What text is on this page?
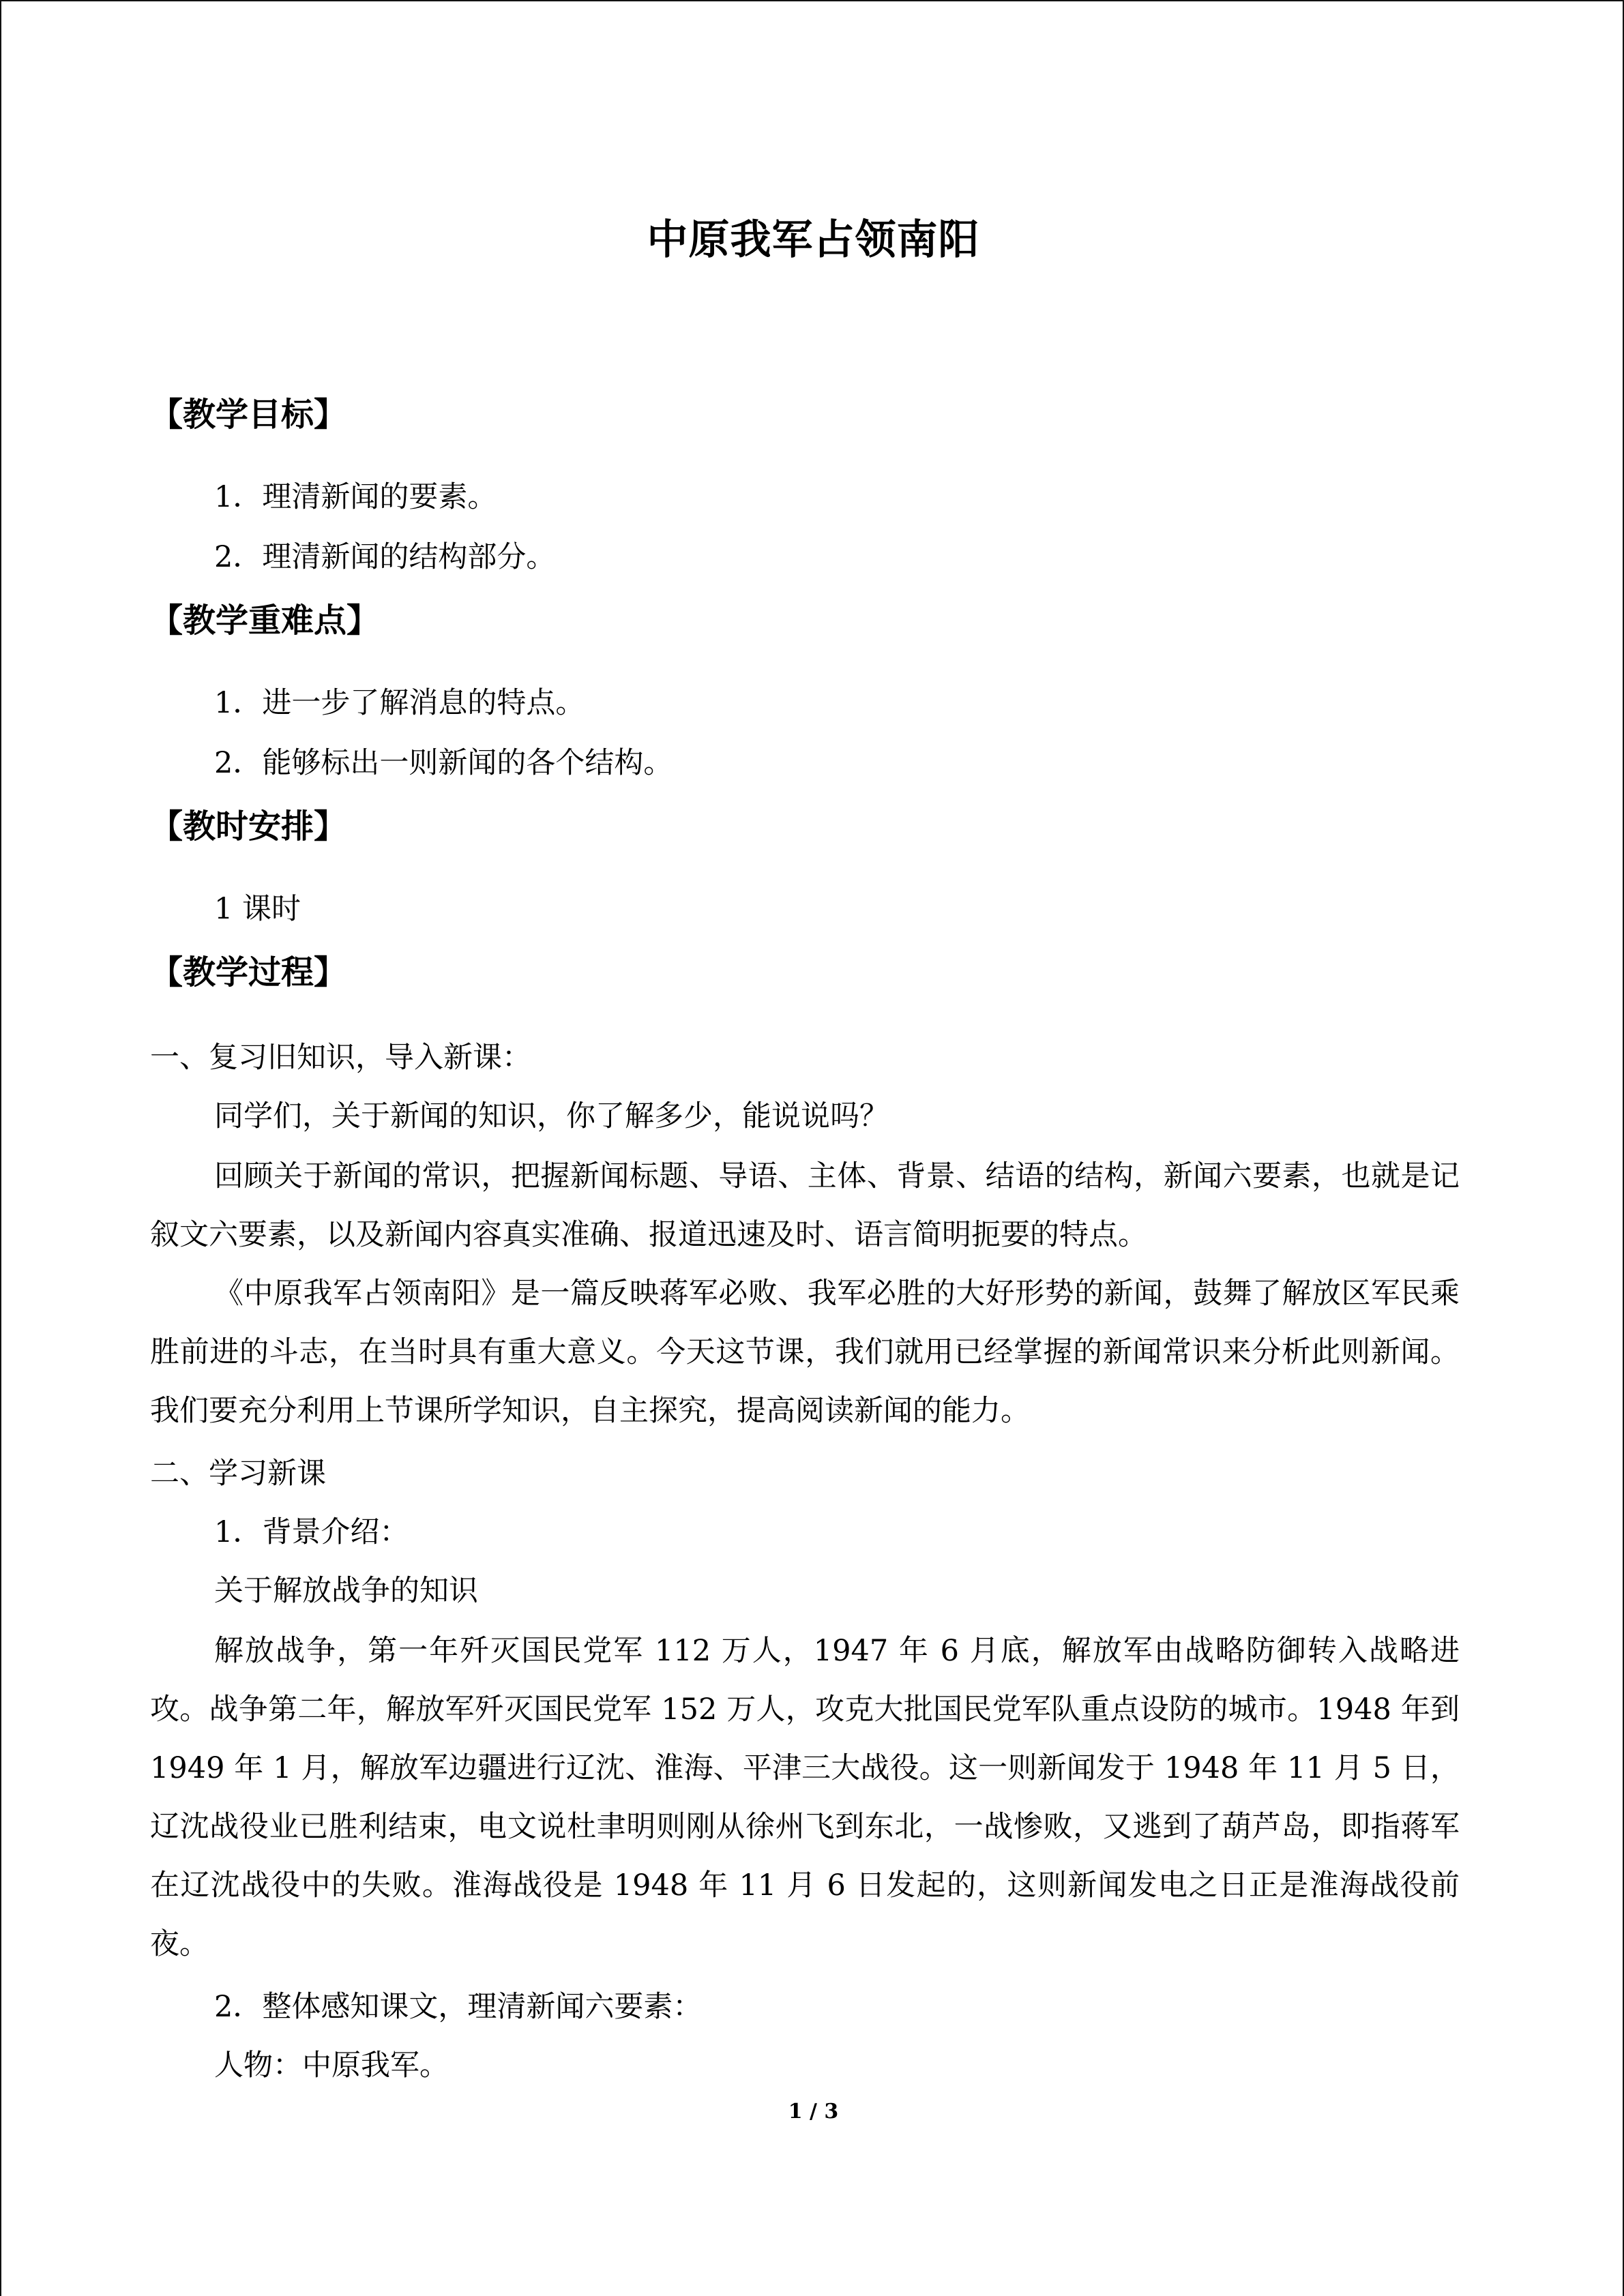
中原我军占领南阳
【教学目标】
1．理清新闻的要素。
2．理清新闻的结构部分。
【教学重难点】
1．进一步了解消息的特点。
2．能够标出一则新闻的各个结构。
【教时安排】
1 课时
【教学过程】
一、复习旧知识，导入新课：
同学们，关于新闻的知识，你了解多少，能说说吗？
回顾关于新闻的常识，把握新闻标题、导语、主体、背景、结语的结构，新闻六要素，也就是记叙文六要素，以及新闻内容真实准确、报道迅速及时、语言简明扼要的特点。
《中原我军占领南阳》是一篇反映蒋军必败、我军必胜的大好形势的新闻，鼓舞了解放区军民乘胜前进的斗志，在当时具有重大意义。今天这节课，我们就用已经掌握的新闻常识来分析此则新闻。我们要充分利用上节课所学知识，自主探究，提高阅读新闻的能力。
二、学习新课
1．背景介绍：
关于解放战争的知识
解放战争，第一年歼灭国民党军 112 万人，1947 年 6 月底，解放军由战略防御转入战略进攻。战争第二年，解放军歼灭国民党军 152 万人，攻克大批国民党军队重点设防的城市。1948 年到 1949 年 1 月，解放军边疆进行辽沈、淮海、平津三大战役。这一则新闻发于 1948 年 11 月 5 日，辽沈战役业已胜利结束，电文说杜聿明则刚从徐州飞到东北，一战惨败，又逃到了葫芦岛，即指蒋军在辽沈战役中的失败。淮海战役是 1948 年 11 月 6 日发起的，这则新闻发电之日正是淮海战役前夜。
2．整体感知课文，理清新闻六要素：
人物：中原我军。
1 / 3
